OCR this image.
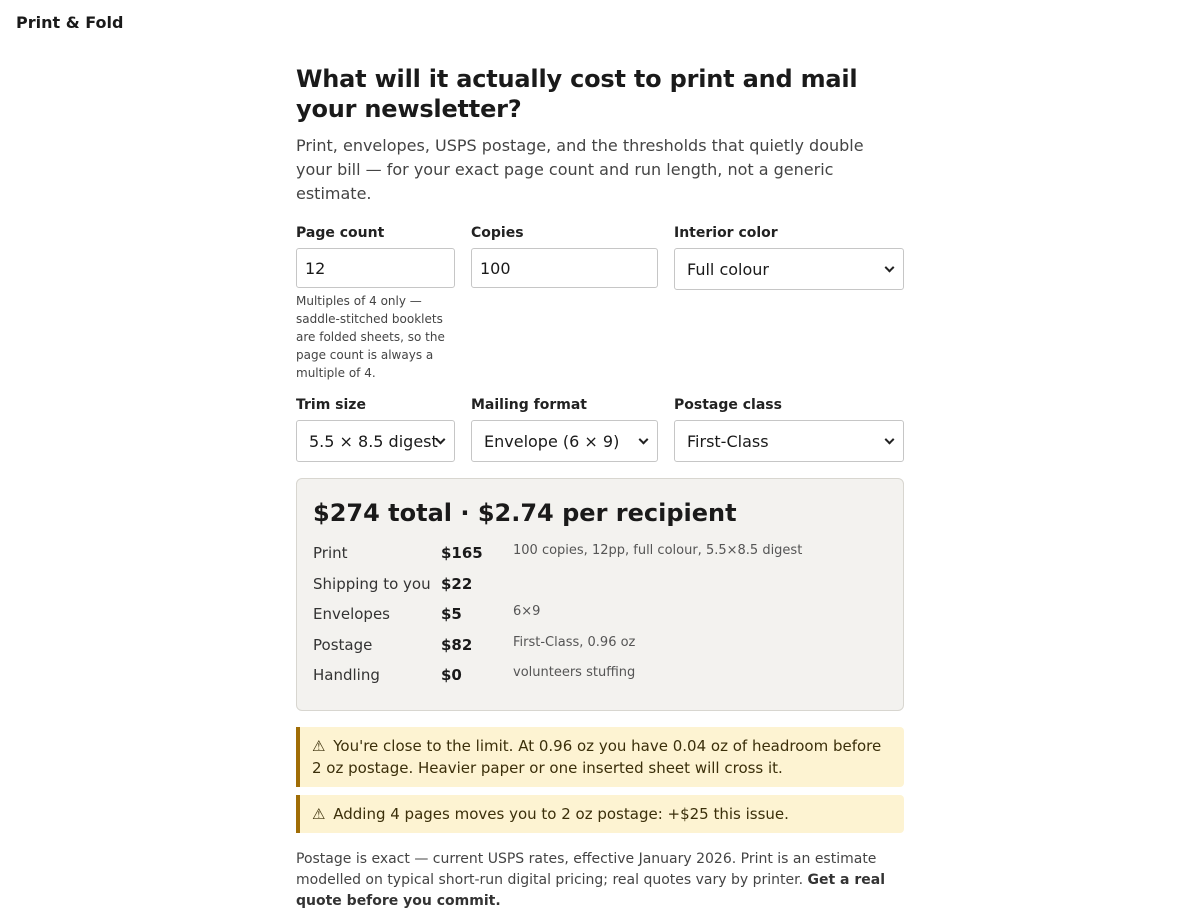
Print & Fold
What will it actually cost to print and mail your newsletter?

Print, envelopes, USPS postage, and the thresholds that quietly double your bill — for your exact page count and run length, not a generic estimate.

Page count
12

Multiples of 4 only — saddle-stitched booklets are folded sheets, so the page count is always a multiple of 4.

Copies
100	Interior color
Full colour
Trim size
5.5 × 8.5 digest
Mailing format
Envelope (6 × 9)
Postage class
First-Class
$274 total · $2.74 per recipient
Print	$165	100 copies, 12pp, full colour, 5.5×8.5 digest
Shipping to you $22
Envelopes	$5	6×9
Postage	$82	First-Class, 0.96 oz
Handling	$0	volunteers stuffing
⚠ You're close to the limit. At 0.96 oz you have 0.04 oz of headroom before 2 oz postage. Heavier paper or one inserted sheet will cross it.
⚠ Adding 4 pages moves you to 2 oz postage: +$25 this issue.

Postage is exact — current USPS rates, effective January 2026. Print is an estimate modelled on typical short-run digital pricing; real quotes vary by printer. Get a real quote before you commit.
